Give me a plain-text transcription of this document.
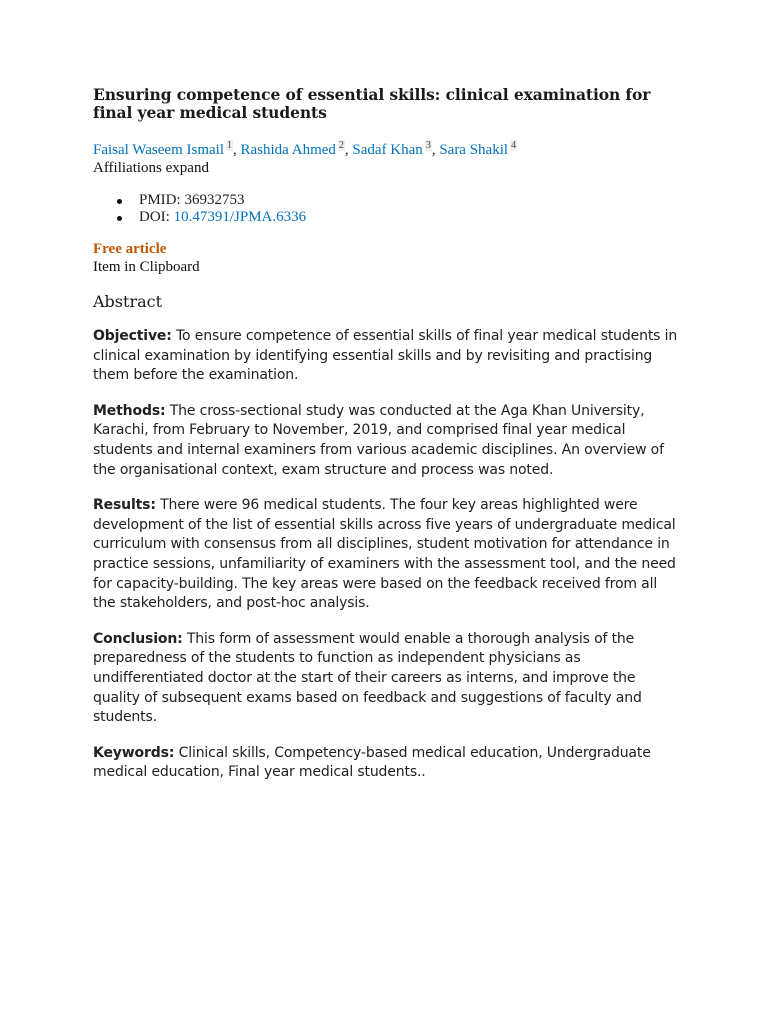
Ensuring competence of essential skills: clinical examination for final year medical students

Faisal Waseem Ismail $^1$, Rashida Ahmed $^2$, Sadaf Khan $^3$, Sara Shakil $^4$

Affiliations expand

PMID: 36932753
DOI: 10.47391/JPMA.6336

Free article

Item in Clipboard

Abstract

Objective: To ensure competence of essential skills of final year medical students in clinical examination by identifying essential skills and by revisiting and practising them before the examination.

Methods: The cross-sectional study was conducted at the Aga Khan University, Karachi, from February to November, 2019, and comprised final year medical students and internal examiners from various academic disciplines. An overview of the organisational context, exam structure and process was noted.

Results: There were 96 medical students. The four key areas highlighted were development of the list of essential skills across five years of undergraduate medical curriculum with consensus from all disciplines, student motivation for attendance in practice sessions, unfamiliarity of examiners with the assessment tool, and the need for capacity-building. The key areas were based on the feedback received from all the stakeholders, and post-hoc analysis.

Conclusion: This form of assessment would enable a thorough analysis of the preparedness of the students to function as independent physicians as undifferentiated doctor at the start of their careers as interns, and improve the quality of subsequent exams based on feedback and suggestions of faculty and students.

Keywords: Clinical skills, Competency-based medical education, Undergraduate medical education, Final year medical students..
